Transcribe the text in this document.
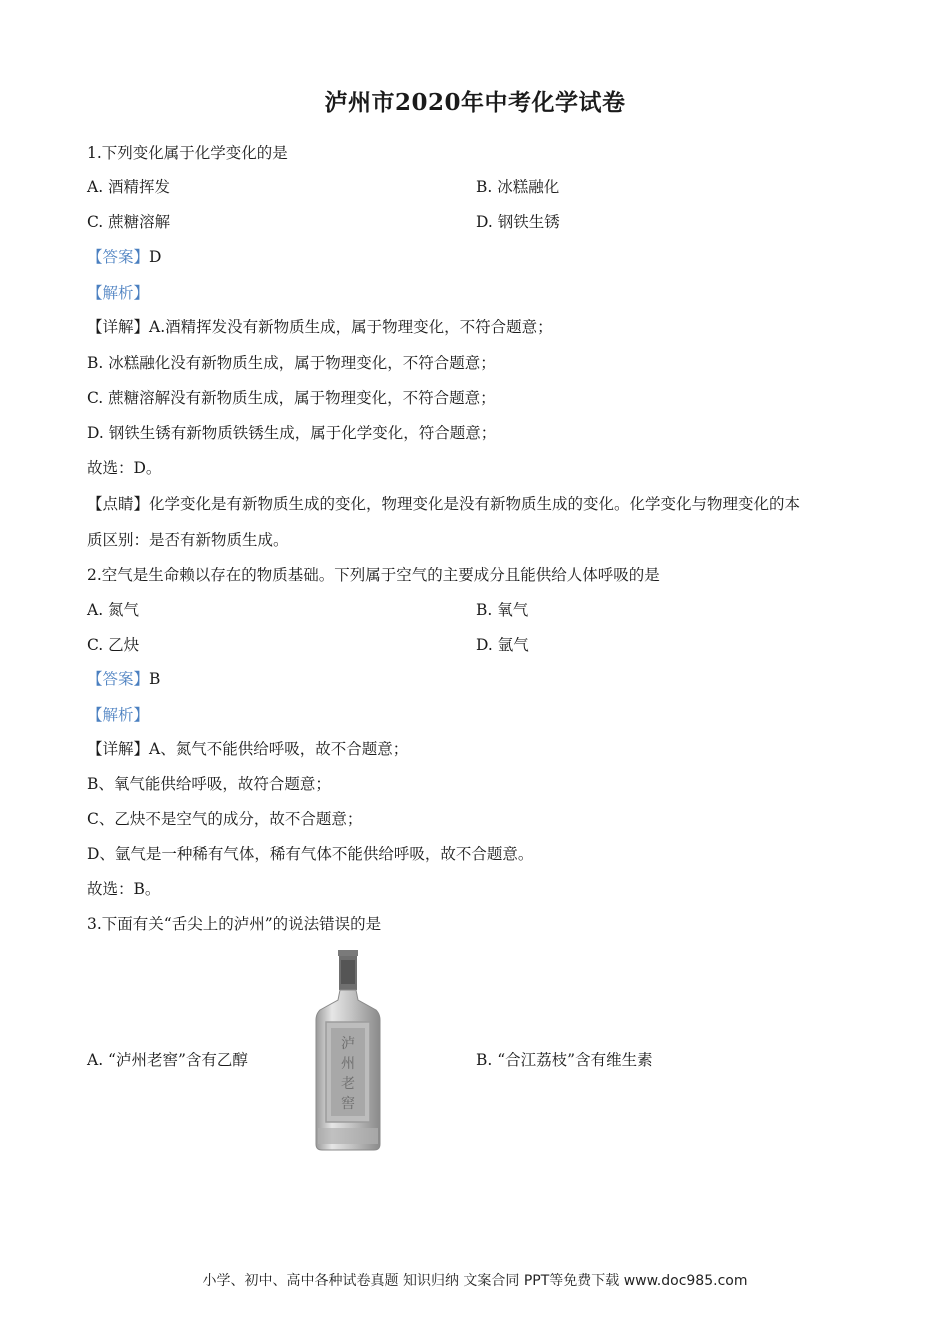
泸州市2020年中考化学试卷
1.下列变化属于化学变化的是
A. 酒精挥发	B. 冰糕融化
C. 蔗糖溶解	D. 钢铁生锈
【答案】D
【解析】
【详解】A.酒精挥发没有新物质生成，属于物理变化，不符合题意；
B. 冰糕融化没有新物质生成，属于物理变化，不符合题意；
C. 蔗糖溶解没有新物质生成，属于物理变化，不符合题意；
D. 钢铁生锈有新物质铁锈生成，属于化学变化，符合题意；
故选：D。
【点睛】化学变化是有新物质生成的变化，物理变化是没有新物质生成的变化。化学变化与物理变化的本
质区别：是否有新物质生成。
2.空气是生命赖以存在的物质基础。下列属于空气的主要成分且能供给人体呼吸的是
A. 氮气	B. 氧气
C. 乙炔	D. 氩气
【答案】B
【解析】
【详解】A、氮气不能供给呼吸，故不合题意；
B、氧气能供给呼吸，故符合题意；
C、乙炔不是空气的成分，故不合题意；
D、氩气是一种稀有气体，稀有气体不能供给呼吸，故不合题意。
故选：B。
3.下面有关“舌尖上的泸州”的说法错误的是
A. “泸州老窖”含有乙醇	B. “合江荔枝”含有维生素
泸
州
老
窖
小学、初中、高中各种试卷真题 知识归纳 文案合同 PPT等免费下载 www.doc985.com
